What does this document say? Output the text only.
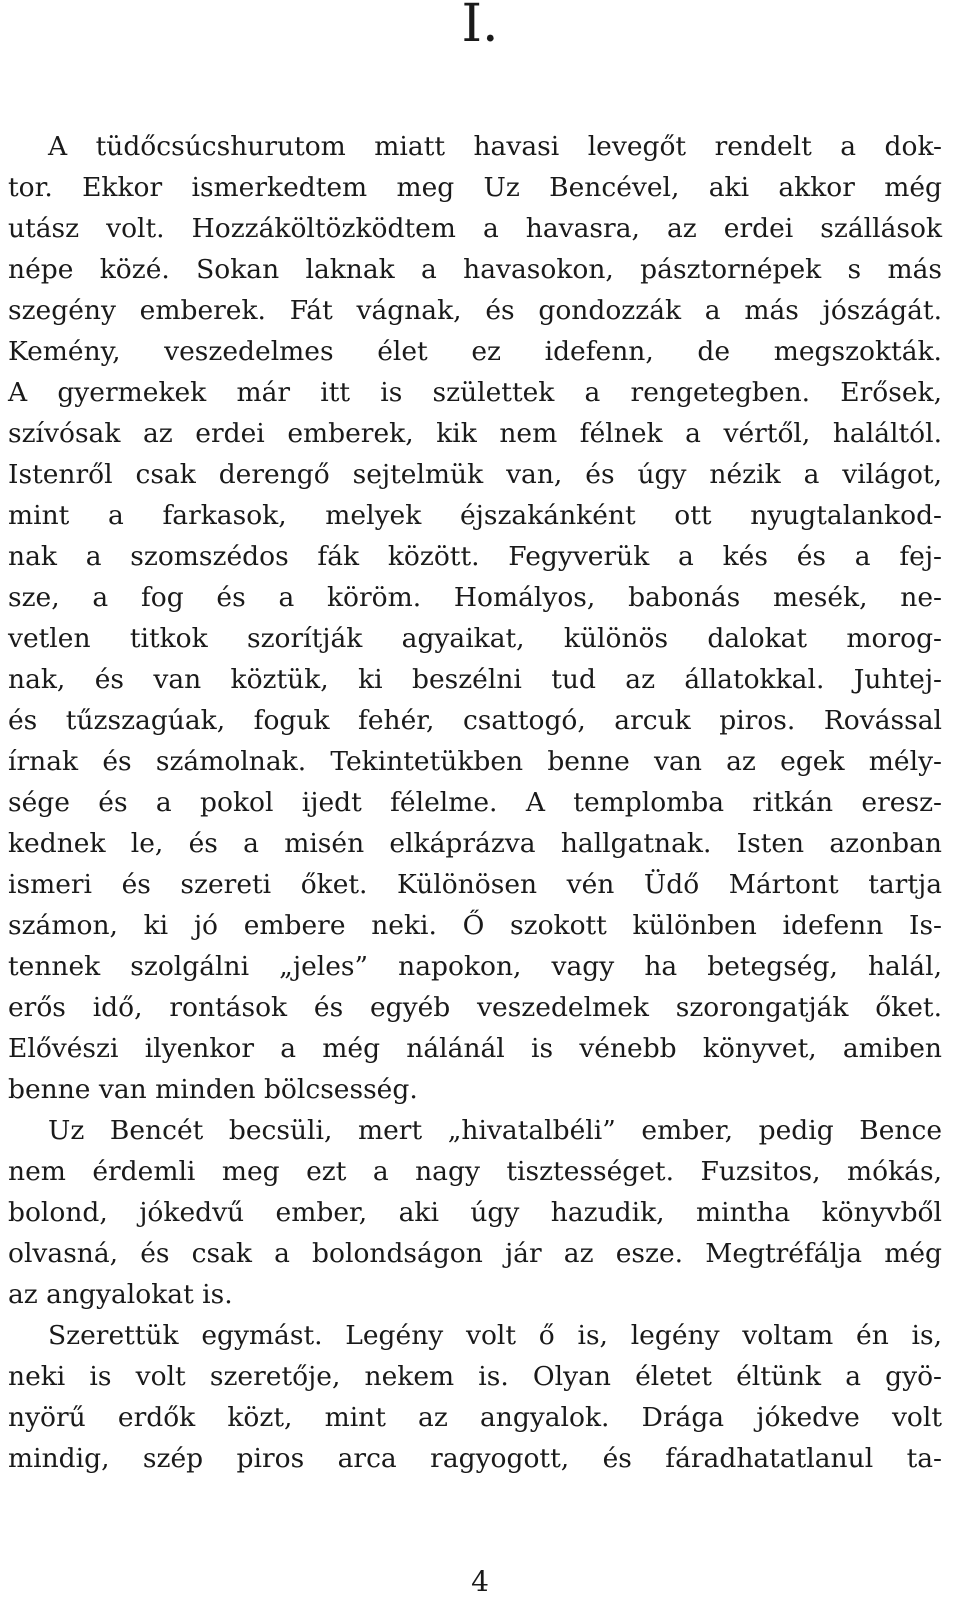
I.
A tüdőcsúcshurutom miatt havasi levegőt rendelt a dok-
tor. Ekkor ismerkedtem meg Uz Bencével, aki akkor még
utász volt. Hozzáköltözködtem a havasra, az erdei szállások
népe közé. Sokan laknak a havasokon, pásztornépek s más
szegény emberek. Fát vágnak, és gondozzák a más jószágát.
Kemény, veszedelmes élet ez idefenn, de megszokták.
A gyermekek már itt is születtek a rengetegben. Erősek,
szívósak az erdei emberek, kik nem félnek a vértől, haláltól.
Istenről csak derengő sejtelmük van, és úgy nézik a világot,
mint a farkasok, melyek éjszakánként ott nyugtalankod-
nak a szomszédos fák között. Fegyverük a kés és a fej-
sze, a fog és a köröm. Homályos, babonás mesék, ne-
vetlen titkok szorítják agyaikat, különös dalokat morog-
nak, és van köztük, ki beszélni tud az állatokkal. Juhtej-
és tűzszagúak, foguk fehér, csattogó, arcuk piros. Rovással
írnak és számolnak. Tekintetükben benne van az egek mély-
sége és a pokol ijedt félelme. A templomba ritkán eresz-
kednek le, és a misén elkáprázva hallgatnak. Isten azonban
ismeri és szereti őket. Különösen vén Üdő Mártont tartja
számon, ki jó embere neki. Ő szokott különben idefenn Is-
tennek szolgálni „jeles” napokon, vagy ha betegség, halál,
erős idő, rontások és egyéb veszedelmek szorongatják őket.
Elővészi ilyenkor a még nálánál is vénebb könyvet, amiben
benne van minden bölcsesség.
Uz Bencét becsüli, mert „hivatalbéli” ember, pedig Bence
nem érdemli meg ezt a nagy tisztességet. Fuzsitos, mókás,
bolond, jókedvű ember, aki úgy hazudik, mintha könyvből
olvasná, és csak a bolondságon jár az esze. Megtréfálja még
az angyalokat is.
Szerettük egymást. Legény volt ő is, legény voltam én is,
neki is volt szeretője, nekem is. Olyan életet éltünk a gyö-
nyörű erdők közt, mint az angyalok. Drága jókedve volt
mindig, szép piros arca ragyogott, és fáradhatatlanul ta-
4
